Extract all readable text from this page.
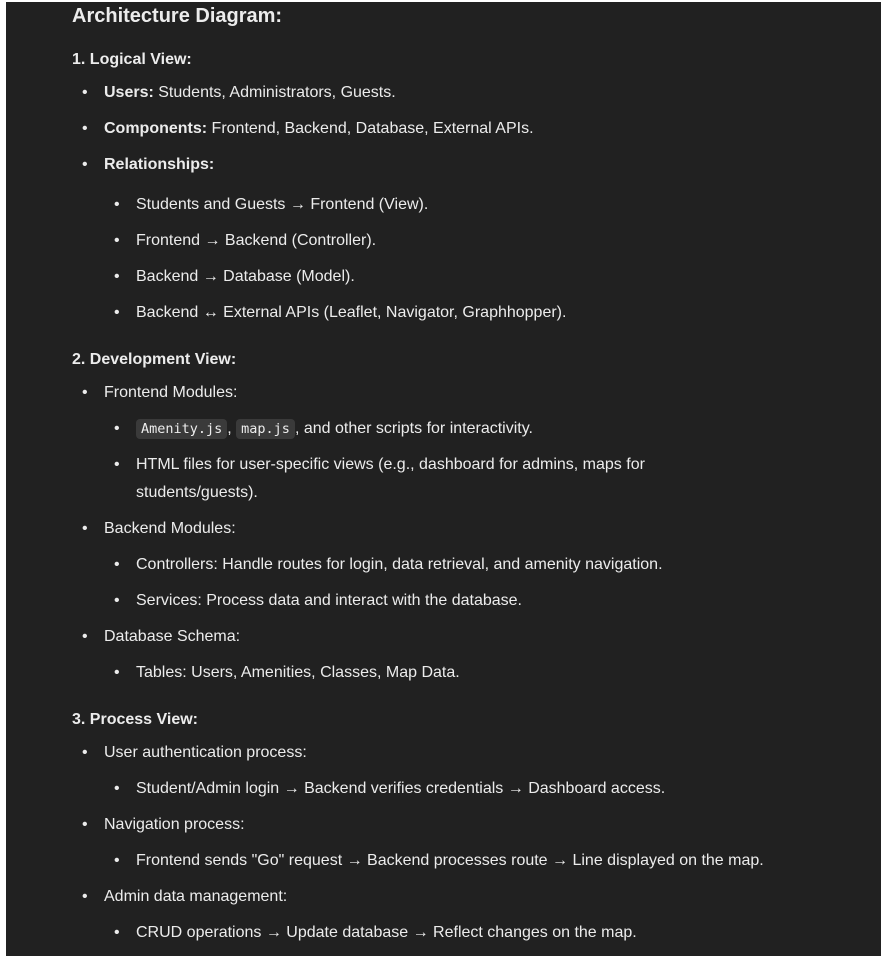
Architecture Diagram:
1. Logical View:
• Users: Students, Administrators, Guests.
• Components: Frontend, Backend, Database, External APIs.
• Relationships:
• Students and Guests → Frontend (View).
• Frontend → Backend (Controller).
• Backend → Database (Model).
• Backend ↔ External APIs (Leaflet, Navigator, Graphhopper).
2. Development View:
• Frontend Modules:
• Amenity.js , map.js , and other scripts for interactivity.
• HTML files for user-specific views (e.g., dashboard for admins, maps for students/guests).
• Backend Modules:
• Controllers: Handle routes for login, data retrieval, and amenity navigation.
• Services: Process data and interact with the database.
• Database Schema:
• Tables: Users, Amenities, Classes, Map Data.
3. Process View:
• User authentication process:
• Student/Admin login → Backend verifies credentials → Dashboard access.
• Navigation process:
• Frontend sends "Go" request → Backend processes route → Line displayed on the map.
• Admin data management:
• CRUD operations → Update database → Reflect changes on the map.
